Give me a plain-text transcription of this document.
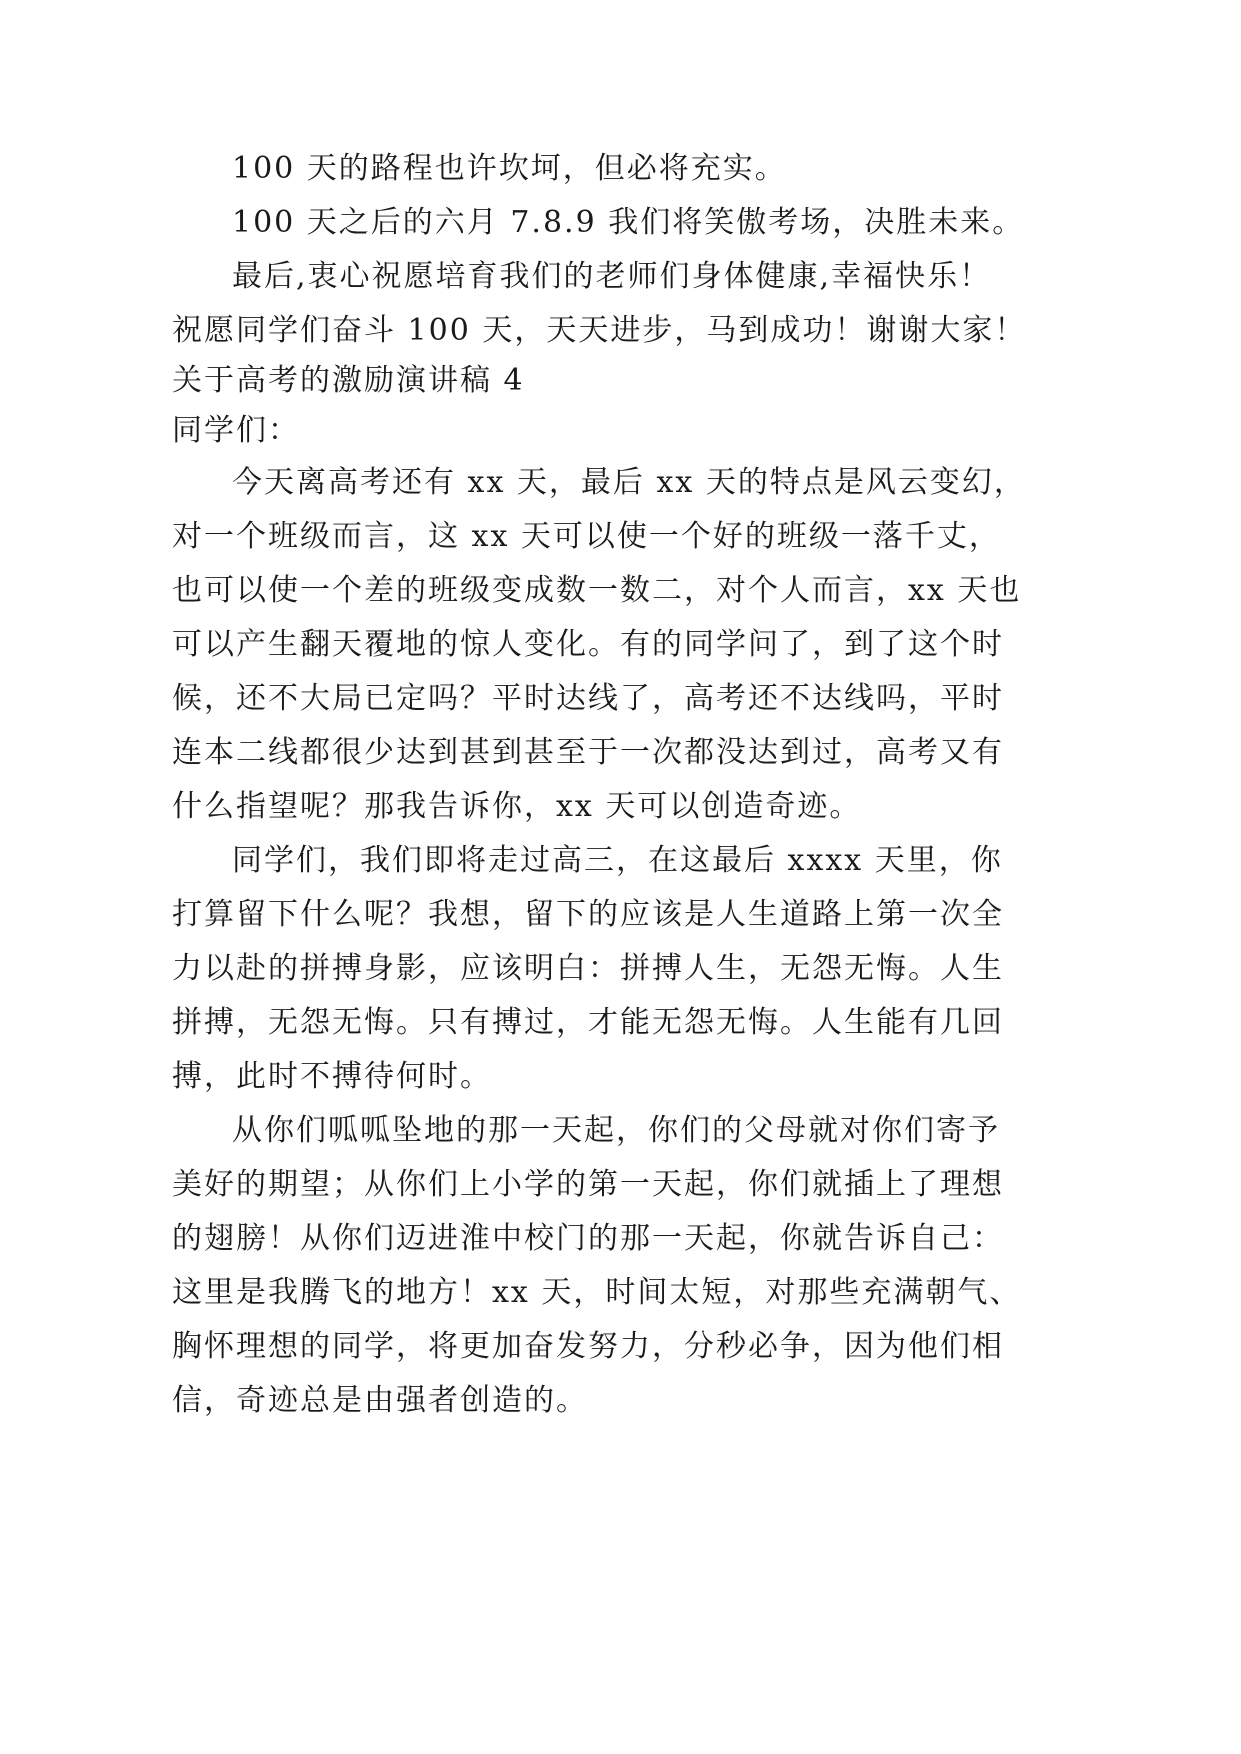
100 天的路程也许坎坷，但必将充实。
100 天之后的六月 7.8.9 我们将笑傲考场，决胜未来。
最后,衷心祝愿培育我们的老师们身体健康,幸福快乐！
祝愿同学们奋斗 100 天，天天进步，马到成功！谢谢大家！
关于高考的激励演讲稿 4
同学们：
今天离高考还有 xx 天，最后 xx 天的特点是风云变幻，
对一个班级而言，这 xx 天可以使一个好的班级一落千丈，
也可以使一个差的班级变成数一数二，对个人而言，xx 天也
可以产生翻天覆地的惊人变化。有的同学问了，到了这个时
候，还不大局已定吗？平时达线了，高考还不达线吗，平时
连本二线都很少达到甚到甚至于一次都没达到过，高考又有
什么指望呢？那我告诉你，xx 天可以创造奇迹。
同学们，我们即将走过高三，在这最后 xxxx 天里，你
打算留下什么呢？我想，留下的应该是人生道路上第一次全
力以赴的拼搏身影，应该明白：拼搏人生，无怨无悔。人生
拼搏，无怨无悔。只有搏过，才能无怨无悔。人生能有几回
搏，此时不搏待何时。
从你们呱呱坠地的那一天起，你们的父母就对你们寄予
美好的期望；从你们上小学的第一天起，你们就插上了理想
的翅膀！从你们迈进淮中校门的那一天起，你就告诉自己：
这里是我腾飞的地方！xx 天，时间太短，对那些充满朝气、
胸怀理想的同学，将更加奋发努力，分秒必争，因为他们相
信，奇迹总是由强者创造的。
